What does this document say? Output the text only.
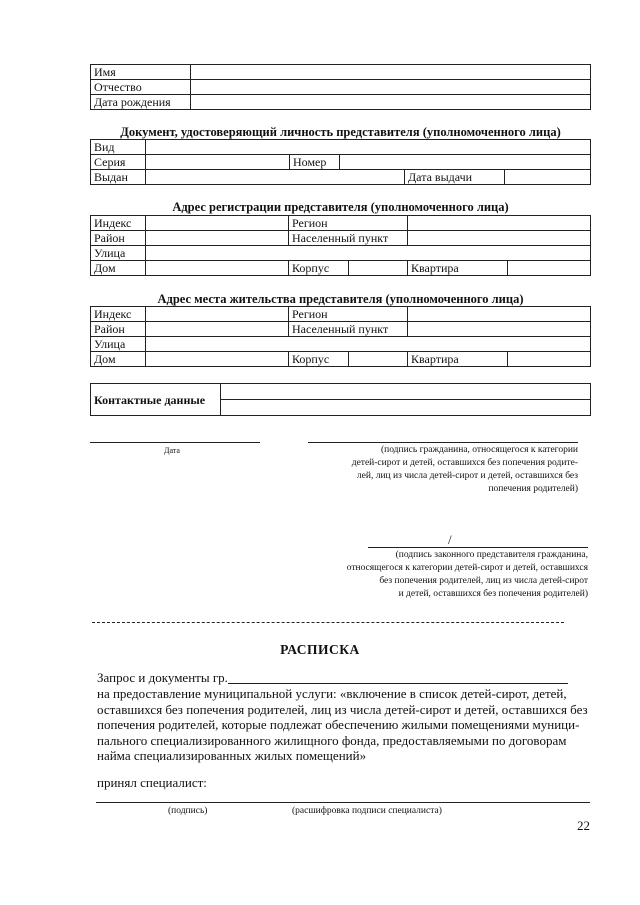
Имя	
Отчество	
Дата рождения	
Документ, удостоверяющий личность представителя (уполномоченного лица)
Вид					
Серия		Номер			
Выдан				Дата выдачи	
Адрес регистрации представителя (уполномоченного лица)
Индекс		Регион			
Район		Населенный пункт			
Улица					
Дом		Корпус		Квартира	
Адрес места жительства представителя (уполномоченного лица)
Индекс		Регион			
Район		Населенный пункт			
Улица					
Дом		Корпус		Квартира	
Контактные данные	

Дата	(подпись гражданина, относящегося к категории
детей-сирот и детей, оставшихся без попечения родите-
лей, лиц из числа детей-сирот и детей, оставшихся без
попечения родителей)
/
(подпись законного представителя гражданина,
относящегося к категории детей-сирот и детей, оставшихся
без попечения родителей, лиц из числа детей-сирот
и детей, оставшихся без попечения родителей)
РАСПИСКА
Запрос и документы гр.
на предоставление муниципальной услуги: «включение в список детей-сирот, детей,
оставшихся без попечения родителей, лиц из числа детей-сирот и детей, оставшихся без
попечения родителей, которые подлежат обеспечению жилыми помещениями муници-
пального специализированного жилищного фонда, предоставляемыми по договорам
найма специализированных жилых помещений»
принял специалист:
(подпись)	(расшифровка подписи специалиста)
22
